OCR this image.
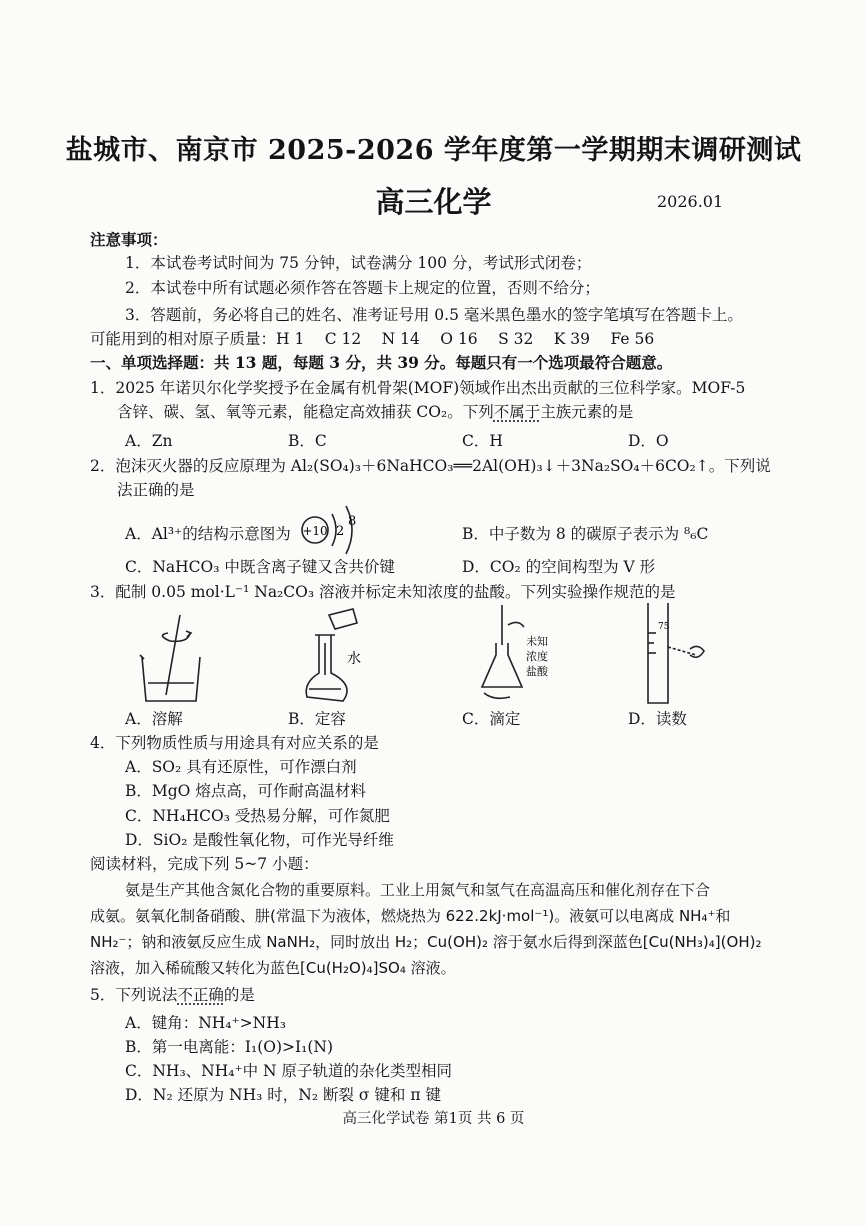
盐城市、南京市 2025-2026 学年度第一学期期末调研测试
高三化学	2026.01
注意事项：
1．本试卷考试时间为 75 分钟，试卷满分 100 分，考试形式闭卷；
2．本试卷中所有试题必须作答在答题卡上规定的位置，否则不给分；
3．答题前，务必将自己的姓名、准考证号用 0.5 毫米黑色墨水的签字笔填写在答题卡上。
可能用到的相对原子质量：H 1　 C 12　 N 14　 O 16　 S 32　 K 39　 Fe 56
一、单项选择题：共 13 题，每题 3 分，共 39 分。每题只有一个选项最符合题意。
1．2025 年诺贝尔化学奖授予在金属有机骨架(MOF)领域作出杰出贡献的三位科学家。MOF-5
含锌、碳、氢、氧等元素，能稳定高效捕获 CO₂。下列不属于主族元素的是
A．Zn	B．C	C．H	D．O
2．泡沫灭火器的反应原理为 Al₂(SO₄)₃＋6NaHCO₃══2Al(OH)₃↓＋3Na₂SO₄＋6CO₂↑。下列说
法正确的是
A．Al³⁺的结构示意图为 +10 2
8
B．中子数为 8 的碳原子表示为 ⁸₆C
C．NaHCO₃ 中既含离子键又含共价键	D．CO₂ 的空间构型为 V 形
3．配制 0.05 mol·L⁻¹ Na₂CO₃ 溶液并标定未知浓度的盐酸。下列实验操作规范的是
水
未知
浓度
盐酸
75
A．溶解	B．定容	C．滴定	D．读数
4．下列物质性质与用途具有对应关系的是
A．SO₂ 具有还原性，可作漂白剂
B．MgO 熔点高，可作耐高温材料
C．NH₄HCO₃ 受热易分解，可作氮肥
D．SiO₂ 是酸性氧化物，可作光导纤维
阅读材料，完成下列 5~7 小题：
氨是生产其他含氮化合物的重要原料。工业上用氮气和氢气在高温高压和催化剂存在下合
成氨。氨氧化制备硝酸、肼(常温下为液体，燃烧热为 622.2kJ·mol⁻¹)。液氨可以电离成 NH₄⁺和
NH₂⁻；钠和液氨反应生成 NaNH₂，同时放出 H₂；Cu(OH)₂ 溶于氨水后得到深蓝色[Cu(NH₃)₄](OH)₂
溶液，加入稀硫酸又转化为蓝色[Cu(H₂O)₄]SO₄ 溶液。
5．下列说法不正确的是
A．键角：NH₄⁺>NH₃
B．第一电离能：I₁(O)>I₁(N)
C．NH₃、NH₄⁺中 N 原子轨道的杂化类型相同
D．N₂ 还原为 NH₃ 时，N₂ 断裂 σ 键和 π 键
高三化学试卷 第1页 共 6 页
